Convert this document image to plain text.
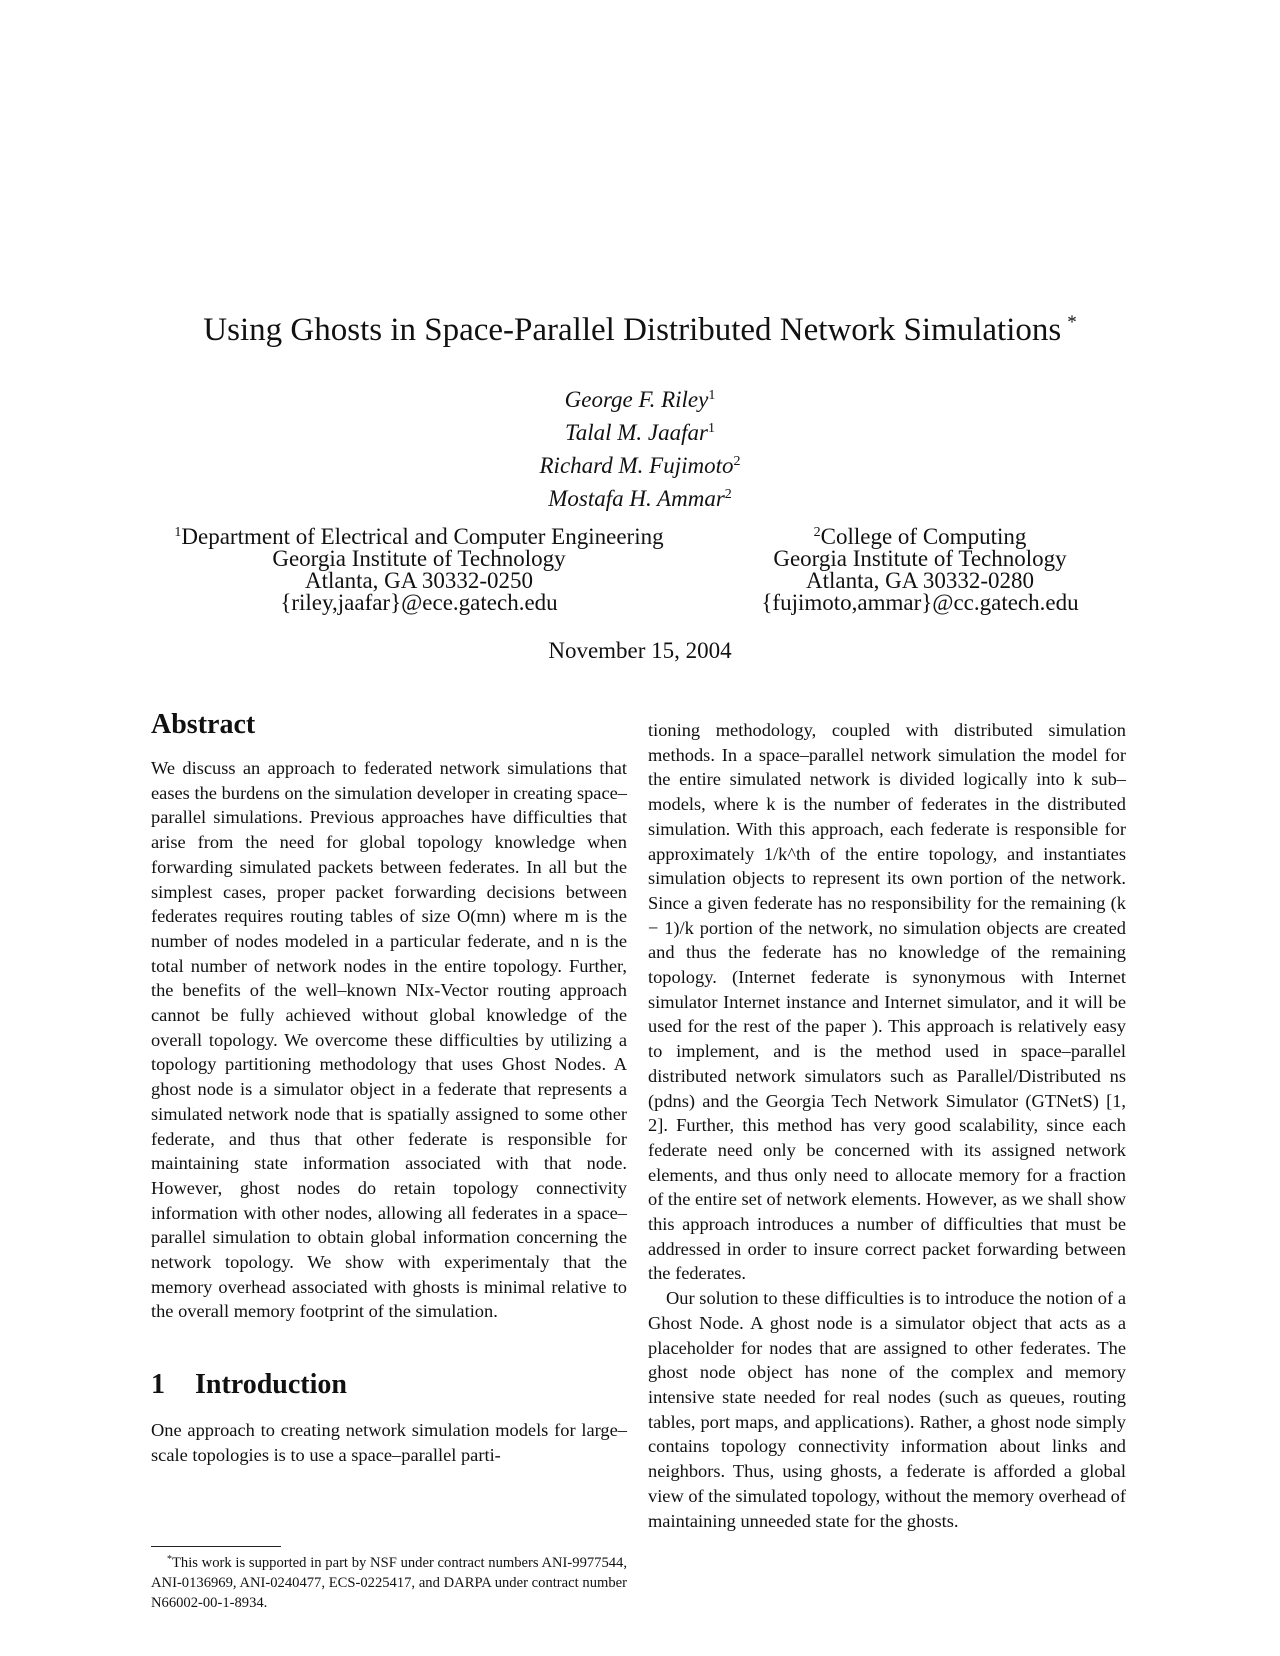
Using Ghosts in Space-Parallel Distributed Network Simulations *
George F. Riley$^1$
Talal M. Jaafar$^1$
Richard M. Fujimoto$^2$
Mostafa H. Ammar$^2$
$^1$Department of Electrical and Computer Engineering
Georgia Institute of Technology
Atlanta, GA 30332-0250
{riley,jaafar}@ece.gatech.edu
$^2$College of Computing
Georgia Institute of Technology
Atlanta, GA 30332-0280
{fujimoto,ammar}@cc.gatech.edu
November 15, 2004
Abstract

We discuss an approach to federated network simulations that eases the burdens on the simulation developer in creating space–parallel simulations. Previous approaches have difficulties that arise from the need for global topology knowledge when forwarding simulated packets between federates. In all but the simplest cases, proper packet forwarding decisions between federates requires routing tables of size O(mn) where m is the number of nodes modeled in a particular federate, and n is the total number of network nodes in the entire topology. Further, the benefits of the well–known NIx-Vector routing approach cannot be fully achieved without global knowledge of the overall topology. We overcome these difficulties by utilizing a topology partitioning methodology that uses Ghost Nodes. A ghost node is a simulator object in a federate that represents a simulated network node that is spatially assigned to some other federate, and thus that other federate is responsible for maintaining state information associated with that node. However, ghost nodes do retain topology connectivity information with other nodes, allowing all federates in a space–parallel simulation to obtain global information concerning the network topology. We show with experimentaly that the memory overhead associated with ghosts is minimal relative to the overall memory footprint of the simulation.

1	Introduction

One approach to creating network simulation models for large–scale topologies is to use a space–parallel parti-

tioning methodology, coupled with distributed simulation methods. In a space–parallel network simulation the model for the entire simulated network is divided logically into k sub–models, where k is the number of federates in the distributed simulation. With this approach, each federate is responsible for approximately 1/k^th of the entire topology, and instantiates simulation objects to represent its own portion of the network. Since a given federate has no responsibility for the remaining (k − 1)/k portion of the network, no simulation objects are created and thus the federate has no knowledge of the remaining topology. (Internet federate is synonymous with Internet simulator Internet instance and Internet simulator, and it will be used for the rest of the paper ). This approach is relatively easy to implement, and is the method used in space–parallel distributed network simulators such as Parallel/Distributed ns (pdns) and the Georgia Tech Network Simulator (GTNetS) [1, 2]. Further, this method has very good scalability, since each federate need only be concerned with its assigned network elements, and thus only need to allocate memory for a fraction of the entire set of network elements. However, as we shall show this approach introduces a number of difficulties that must be addressed in order to insure correct packet forwarding between the federates.

Our solution to these difficulties is to introduce the notion of a Ghost Node. A ghost node is a simulator object that acts as a placeholder for nodes that are assigned to other federates. The ghost node object has none of the complex and memory intensive state needed for real nodes (such as queues, routing tables, port maps, and applications). Rather, a ghost node simply contains topology connectivity information about links and neighbors. Thus, using ghosts, a federate is afforded a global view of the simulated topology, without the memory overhead of maintaining unneeded state for the ghosts.

*This work is supported in part by NSF under contract numbers ANI-9977544, ANI-0136969, ANI-0240477, ECS-0225417, and DARPA under contract number N66002-00-1-8934.
